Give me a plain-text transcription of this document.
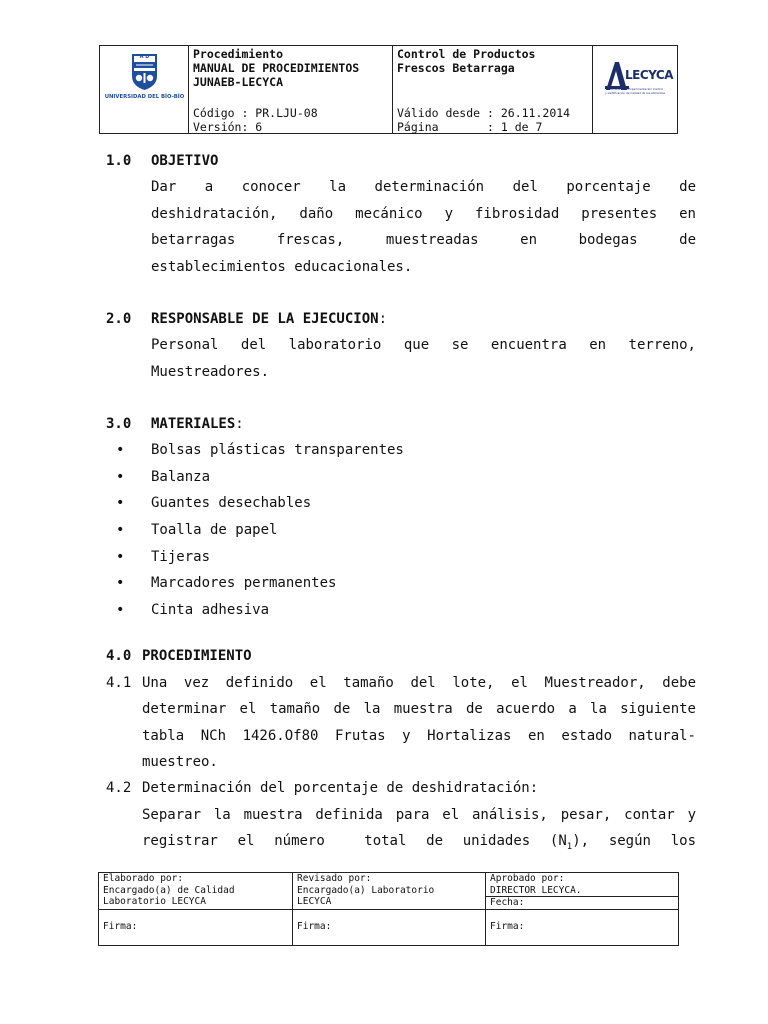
A D
UNIVERSIDAD DEL BÍO-BÍO
Procedimiento
MANUAL DE PROCEDIMIENTOS
JUNAEB-LECYCA
Código : PR.LJU-08
Versión: 6
Control de Productos
Frescos Betarraga
Válido desde : 26.11.2014
Página       : 1 de 7
LECYCA
Laboratorio de Experimentación Control
y Certificación de Calidad de los Alimentos
1.0 OBJETIVO
Dar a conocer la determinación del porcentaje de
deshidratación, daño mecánico y fibrosidad presentes en
betarragas frescas, muestreadas en bodegas de
establecimientos educacionales.
2.0 RESPONSABLE DE LA EJECUCION:
Personal del laboratorio que se encuentra en terreno,
Muestreadores.
3.0 MATERIALES:
• Bolsas plásticas transparentes
• Balanza
• Guantes desechables
• Toalla de papel
• Tijeras
• Marcadores permanentes
• Cinta adhesiva
4.0 PROCEDIMIENTO
4.1 Una vez definido el tamaño del lote, el Muestreador, debe
determinar el tamaño de la muestra de acuerdo a la siguiente
tabla NCh 1426.Of80 Frutas y Hortalizas en estado natural-
muestreo.
4.2 Determinación del porcentaje de deshidratación:
Separar la muestra definida para el análisis, pesar, contar y
registrar el número  total de unidades $(N_1)$, según los
Elaborado por:
Encargado(a) de Calidad
Laboratorio LECYCA
Firma:
Revisado por:
Encargado(a) Laboratorio
LECYCA
Firma:
Aprobado por:
DIRECTOR LECYCA.
Fecha:
Firma:
